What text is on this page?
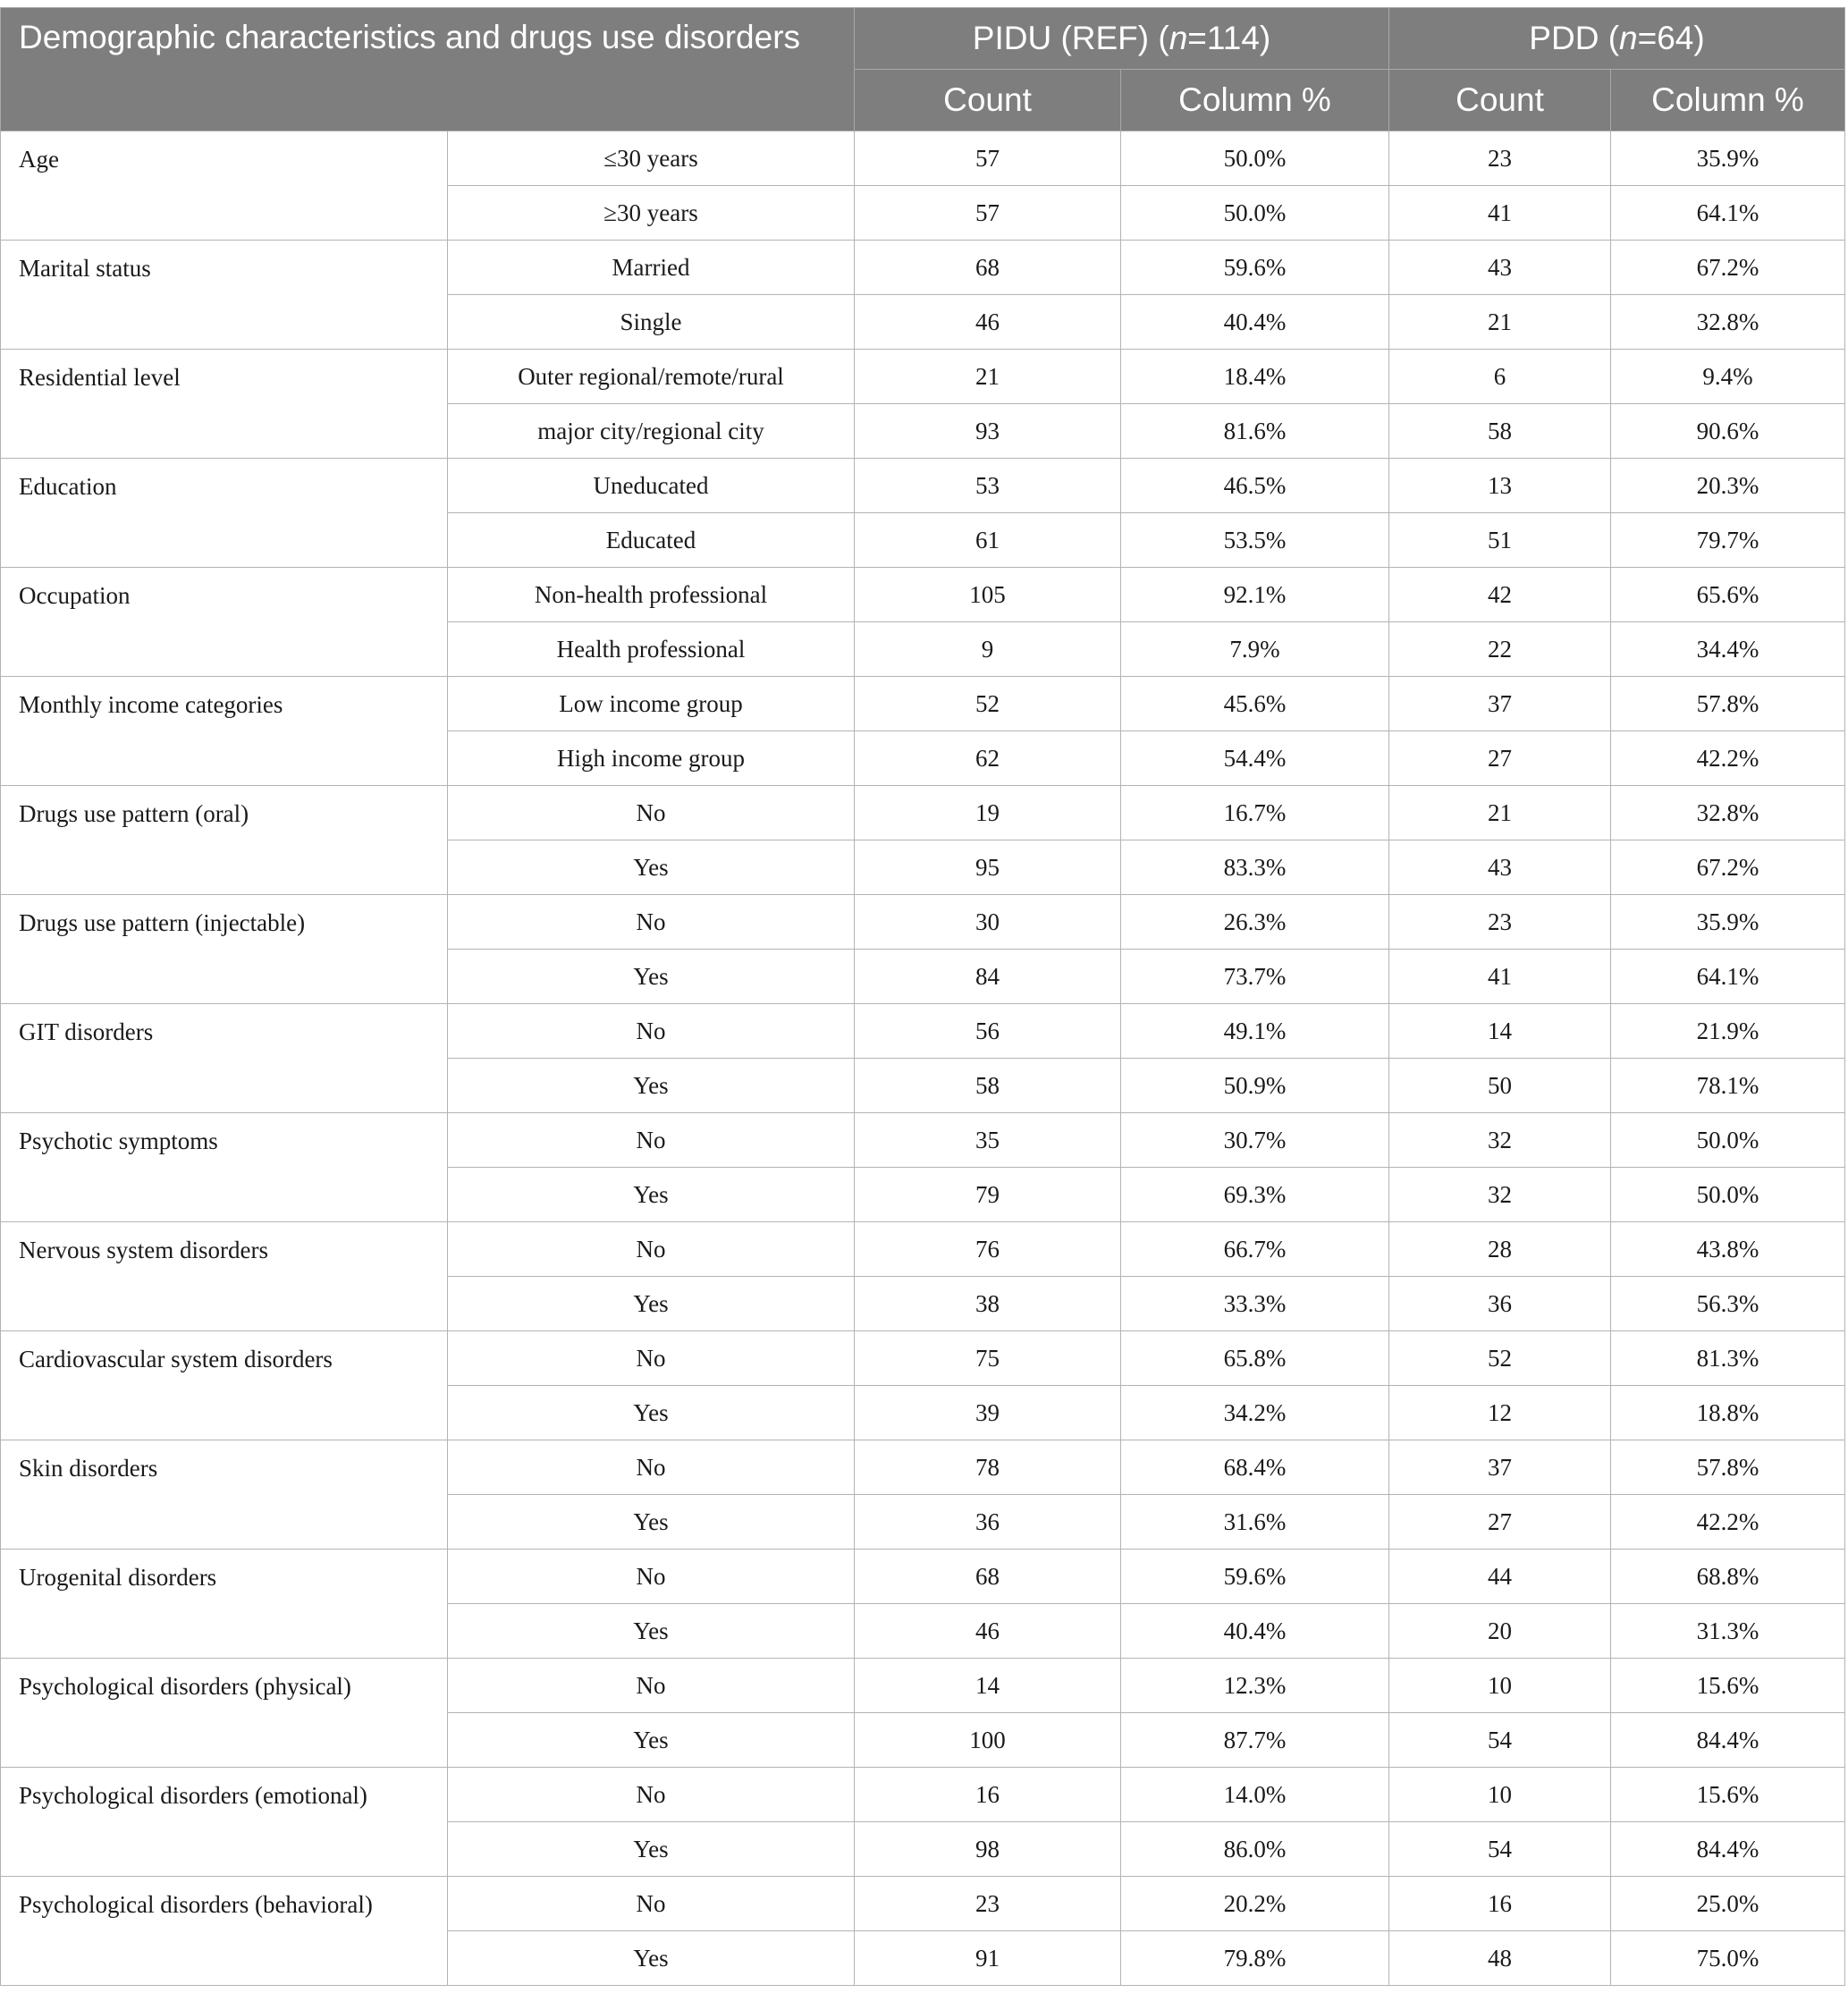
Demographic characteristics and drugs use disorders		PIDU (REF) (n=114)		PDD (n=64)	
		Count	Column %	Count	Column %
Age	≤30 years	57	50.0%	23	35.9%
	≥30 years	57	50.0%	41	64.1%
Marital status	Married	68	59.6%	43	67.2%
	Single	46	40.4%	21	32.8%
Residential level	Outer regional/remote/rural	21	18.4%	6	9.4%
	major city/regional city	93	81.6%	58	90.6%
Education	Uneducated	53	46.5%	13	20.3%
	Educated	61	53.5%	51	79.7%
Occupation	Non-health professional	105	92.1%	42	65.6%
	Health professional	9	7.9%	22	34.4%
Monthly income categories	Low income group	52	45.6%	37	57.8%
	High income group	62	54.4%	27	42.2%
Drugs use pattern (oral)	No	19	16.7%	21	32.8%
	Yes	95	83.3%	43	67.2%
Drugs use pattern (injectable)	No	30	26.3%	23	35.9%
	Yes	84	73.7%	41	64.1%
GIT disorders	No	56	49.1%	14	21.9%
	Yes	58	50.9%	50	78.1%
Psychotic symptoms	No	35	30.7%	32	50.0%
	Yes	79	69.3%	32	50.0%
Nervous system disorders	No	76	66.7%	28	43.8%
	Yes	38	33.3%	36	56.3%
Cardiovascular system disorders	No	75	65.8%	52	81.3%
	Yes	39	34.2%	12	18.8%
Skin disorders	No	78	68.4%	37	57.8%
	Yes	36	31.6%	27	42.2%
Urogenital disorders	No	68	59.6%	44	68.8%
	Yes	46	40.4%	20	31.3%
Psychological disorders (physical)	No	14	12.3%	10	15.6%
	Yes	100	87.7%	54	84.4%
Psychological disorders (emotional)	No	16	14.0%	10	15.6%
	Yes	98	86.0%	54	84.4%
Psychological disorders (behavioral)	No	23	20.2%	16	25.0%
	Yes	91	79.8%	48	75.0%
